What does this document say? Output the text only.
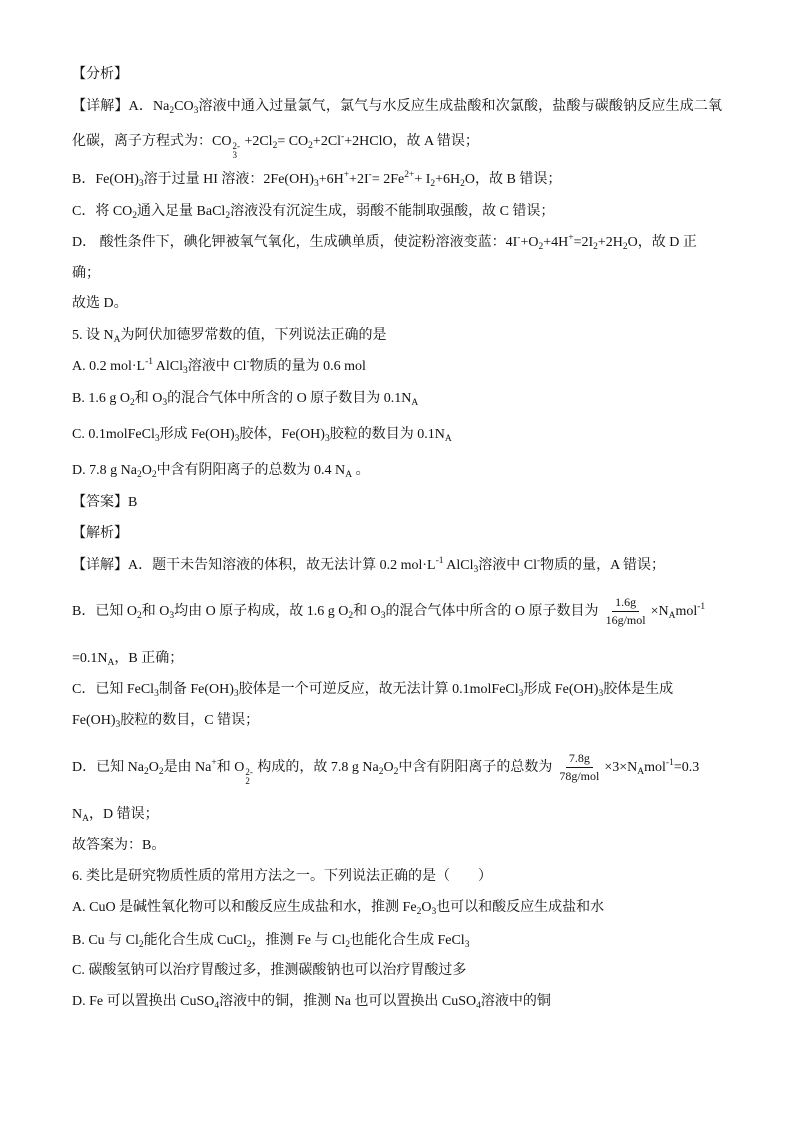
【分析】
【详解】A．$Na_2CO_3$溶液中通入过量氯气，氯气与水反应生成盐酸和次氯酸，盐酸与碳酸钠反应生成二氧
化碳，离子方程式为：CO 2-
3
$+2Cl_2=$ $CO_2+2Cl^-+2HClO$，故 A 错误；
B．$Fe(OH)_3$溶于过量 HI 溶液：$2Fe(OH)_3+6H^++2I^-= 2Fe^{2+}+ I_2+6H_2O$，故 B 错误；
C．将 $CO_2$通入足量 BaCl$_2$溶液没有沉淀生成，弱酸不能制取强酸，故 C 错误；
D． 酸性条件下，碘化钾被氧气氧化，生成碘单质，使淀粉溶液变蓝：$4I^-+O_2+4H^+=2I_2+2H_2O$，故 D 正
确；
故选 D。
5. 设 $N_A$为阿伏加德罗常数的值，下列说法正确的是
A. 0.2 $mol\cdot L^{-1}$ AlCl$_3$溶液中 Cl-物质的量为 0.6 mol
B. 1.6 g $O_2$和 $O_3$的混合气体中所含的 O 原子数目为 $0.1N_A$
C. 0.1molFeCl$_3$形成 $Fe(OH)_3$胶体，$Fe(OH)_3$胶粒的数目为 $0.1N_A$
D. 7.8 g $Na_2O_2$中含有阴阳离子的总数为 0.4 $N_A$ 。
【答案】B
【解析】
【详解】A．题干未告知溶液的体积，故无法计算 0.2 $mol\cdot L^{-1}$ AlCl$_3$溶液中 Cl-物质的量，A 错误；
B．已知 $O_2$和 $O_3$均由 O 原子构成，故 1.6 g $O_2$和 $O_3$的混合气体中所含的 O 原子数目为 $\frac{1.6g}{\text{16g/mol}} \times N_Amol^{-1}$
$=0.1N_A$，B 正确；
C．已知 FeCl$_3$制备 $Fe(OH)_3$胶体是一个可逆反应，故无法计算 0.1molFeCl$_3$形成 $Fe(OH)_3$胶体是生成
$Fe(OH)_3$胶粒的数目，C 错误；
D．已知 $Na_2O_2$是由 Na+和 O 2-
2
构成的，故 7.8 g $Na_2O_2$中含有阴阳离子的总数为 $\frac{7.8g}{\text{78g/mol}} \times 3\times N_Amol^{-1}=0.3$
$N_A$，D 错误；
故答案为：B。
6. 类比是研究物质性质的常用方法之一。下列说法正确的是（　　）
A. CuO 是碱性氧化物可以和酸反应生成盐和水，推测 $Fe_2O_3$也可以和酸反应生成盐和水
B. Cu 与 $Cl_2$能化合生成 CuCl$_2$，推测 Fe 与 $Cl_2$也能化合生成 FeCl$_3$
C. 碳酸氢钠可以治疗胃酸过多，推测碳酸钠也可以治疗胃酸过多
D. Fe 可以置换出 CuSO$_4$溶液中的铜，推测 Na 也可以置换出 CuSO$_4$溶液中的铜
